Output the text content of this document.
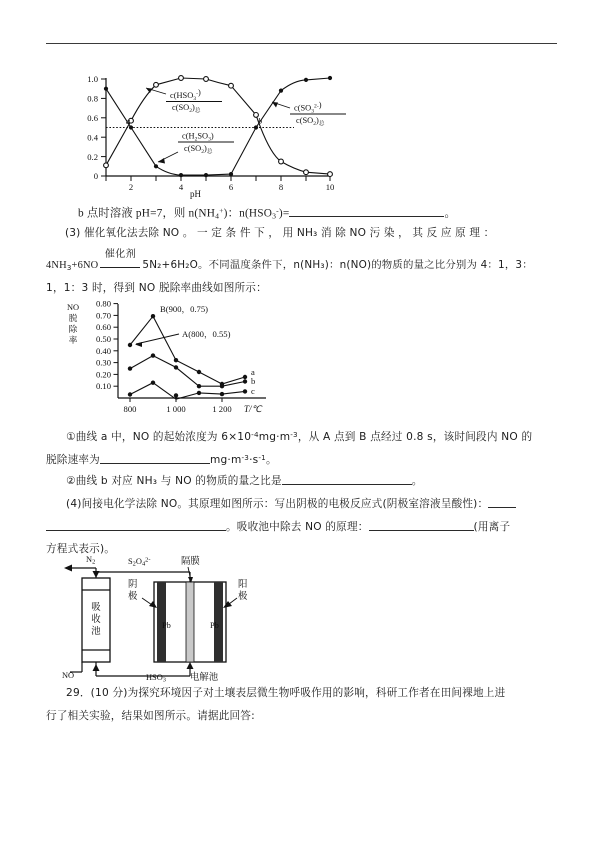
0
0.2
0.4
0.6
0.8
1.0
2	4	6	8	10
pH
a	b
$c(HSO_3^-)$
$c(SO_2)_总$
$c(H_2SO_3)$
$c(SO_2)_总$
$c(SO_3^{2-})$
$c(SO_2)_总$
b 点时溶液 pH=7，则 $n(NH_4^+)$：$n(HSO_3^-)=$	。
(3) 催化氧化法去除 NO 。 一 定 条 件 下 ， 用 NH₃ 消 除 NO 污 染 ， 其 反 应 原 理 ：
$4NH_3+6NO$
催化剂
5N₂+6H₂O。不同温度条件下，n(NH₃)：n(NO)的物质的量之比分别为 4：1，3：
1，1：3 时，得到 NO 脱除率曲线如图所示：
NO
脱
除
率
0.10
0.20
0.30
0.40
0.50
0.60
0.70
0.80
800	1 000	1 200 T/℃
a
b
c
B(900，0.75)
A(800，0.55)
①曲线 a 中，NO 的起始浓度为 $6\times 10^{-4}mg\cdot m^{-3}$，从 A 点到 B 点经过 0.8 s，该时间段内 NO 的
脱除速率为	$mg\cdot m^{-3}\cdot s^{-1}$。
②曲线 b 对应 NH₃ 与 NO 的物质的量之比是	。
(4)间接电化学法除 NO。其原理如图所示：写出阴极的电极反应式(阴极室溶液呈酸性)：
。吸收池中除去 NO 的原理：	(用离子
方程式表示)。
吸
收
池
N2	$S2O4^{2-}$
Pb	Pb
隔膜
阴
极
阳
极
HSO3-
NO	电解池
29．(10 分)为探究环境因子对土壤表层微生物呼吸作用的影响，科研工作者在田间裸地上进
行了相关实验，结果如图所示。请据此回答:
